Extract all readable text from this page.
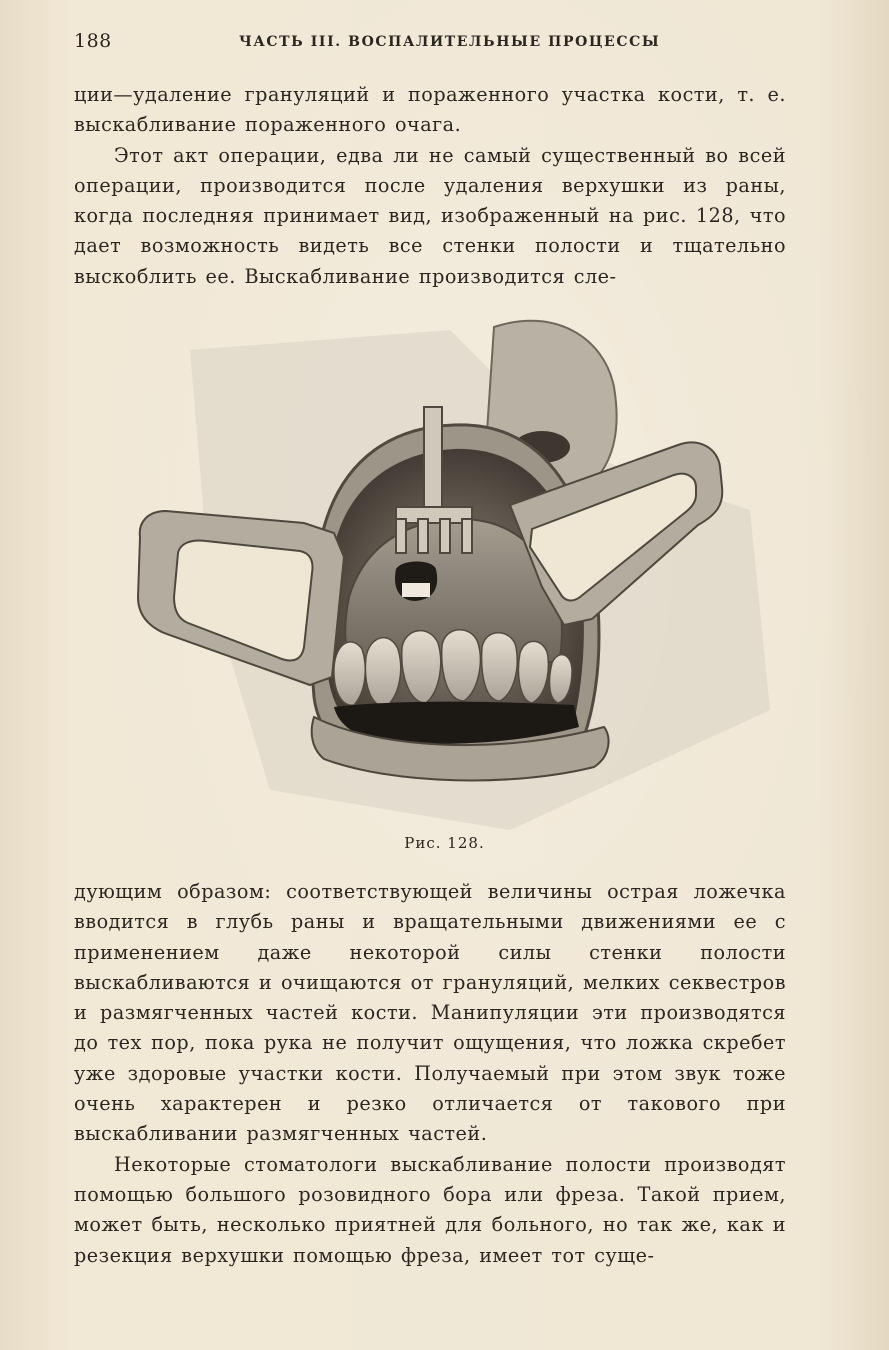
188	ЧАСТЬ III. ВОСПАЛИТЕЛЬНЫЕ ПРОЦЕССЫ

ции—удаление грануляций и пораженного участка кости, т. е. выскабливание пораженного очага.

Этот акт операции, едва ли не самый существенный во всей операции, производится после удаления верхушки из раны, когда последняя принимает вид, изображенный на рис. 128, что дает возможность видеть все стенки полости и тщательно выскоблить ее. Выскабливание производится сле-

Рис. 128.

дующим образом: соответствующей величины острая ложечка вводится в глубь раны и вращательными движениями ее с применением даже некоторой силы стенки полости выскабливаются и очищаются от грануляций, мелких секвестров и размягченных частей кости. Манипуляции эти производятся до тех пор, пока рука не получит ощущения, что ложка скребет уже здоровые участки кости. Получаемый при этом звук тоже очень характерен и резко отличается от такового при выскабливании размягченных частей.

Некоторые стоматологи выскабливание полости производят помощью большого розовидного бора или фреза. Такой прием, может быть, несколько приятней для больного, но так же, как и резекция верхушки помощью фреза, имеет тот суще-
